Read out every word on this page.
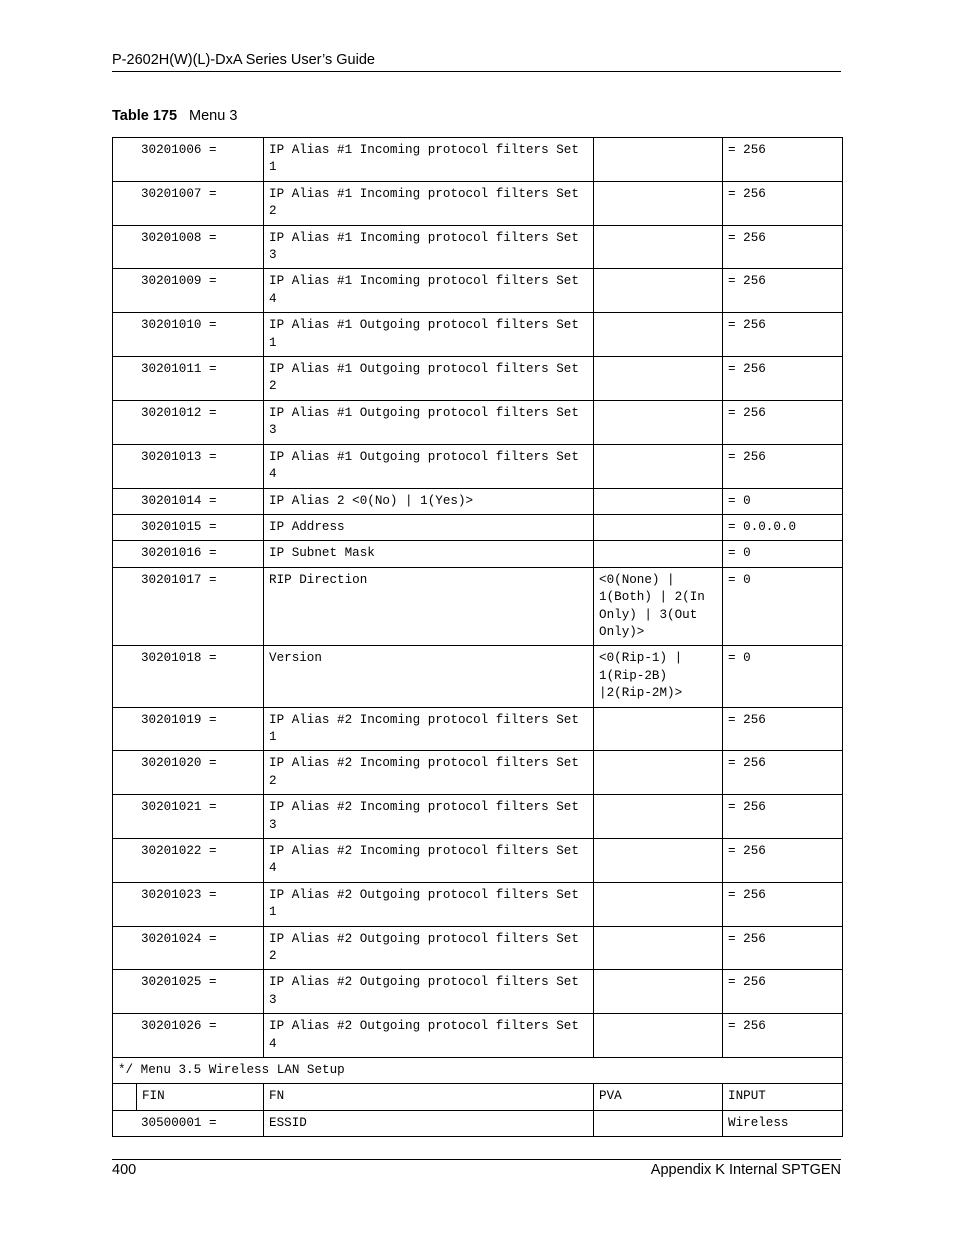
P-2602H(W)(L)-DxA Series User’s Guide
Table 175 Menu 3
30201006 =		IP Alias #1 Incoming protocol filters Set 1		= 256
30201007 =		IP Alias #1 Incoming protocol filters Set 2		= 256
30201008 =		IP Alias #1 Incoming protocol filters Set 3		= 256
30201009 =		IP Alias #1 Incoming protocol filters Set 4		= 256
30201010 =		IP Alias #1 Outgoing protocol filters Set 1		= 256
30201011 =		IP Alias #1 Outgoing protocol filters Set 2		= 256
30201012 =		IP Alias #1 Outgoing protocol filters Set 3		= 256
30201013 =		IP Alias #1 Outgoing protocol filters Set 4		= 256
30201014 =		IP Alias 2 <0(No) | 1(Yes)>		= 0
30201015 =		IP Address		= 0.0.0.0
30201016 =		IP Subnet Mask		= 0
30201017 =		RIP Direction	<0(None) |
1(Both) | 2(In
Only) | 3(Out
Only)>	= 0
30201018 =		Version	<0(Rip-1) |
1(Rip-2B)
|2(Rip-2M)>	= 0
30201019 =		IP Alias #2 Incoming protocol filters Set 1		= 256
30201020 =		IP Alias #2 Incoming protocol filters Set 2		= 256
30201021 =		IP Alias #2 Incoming protocol filters Set 3		= 256
30201022 =		IP Alias #2 Incoming protocol filters Set 4		= 256
30201023 =		IP Alias #2 Outgoing protocol filters Set 1		= 256
30201024 =		IP Alias #2 Outgoing protocol filters Set 2		= 256
30201025 =		IP Alias #2 Outgoing protocol filters Set 3		= 256
30201026 =		IP Alias #2 Outgoing protocol filters Set 4		= 256
*/ Menu 3.5 Wireless LAN Setup				
	FIN	FN	PVA	INPUT
30500001 =		ESSID		Wireless
400	Appendix K Internal SPTGEN
